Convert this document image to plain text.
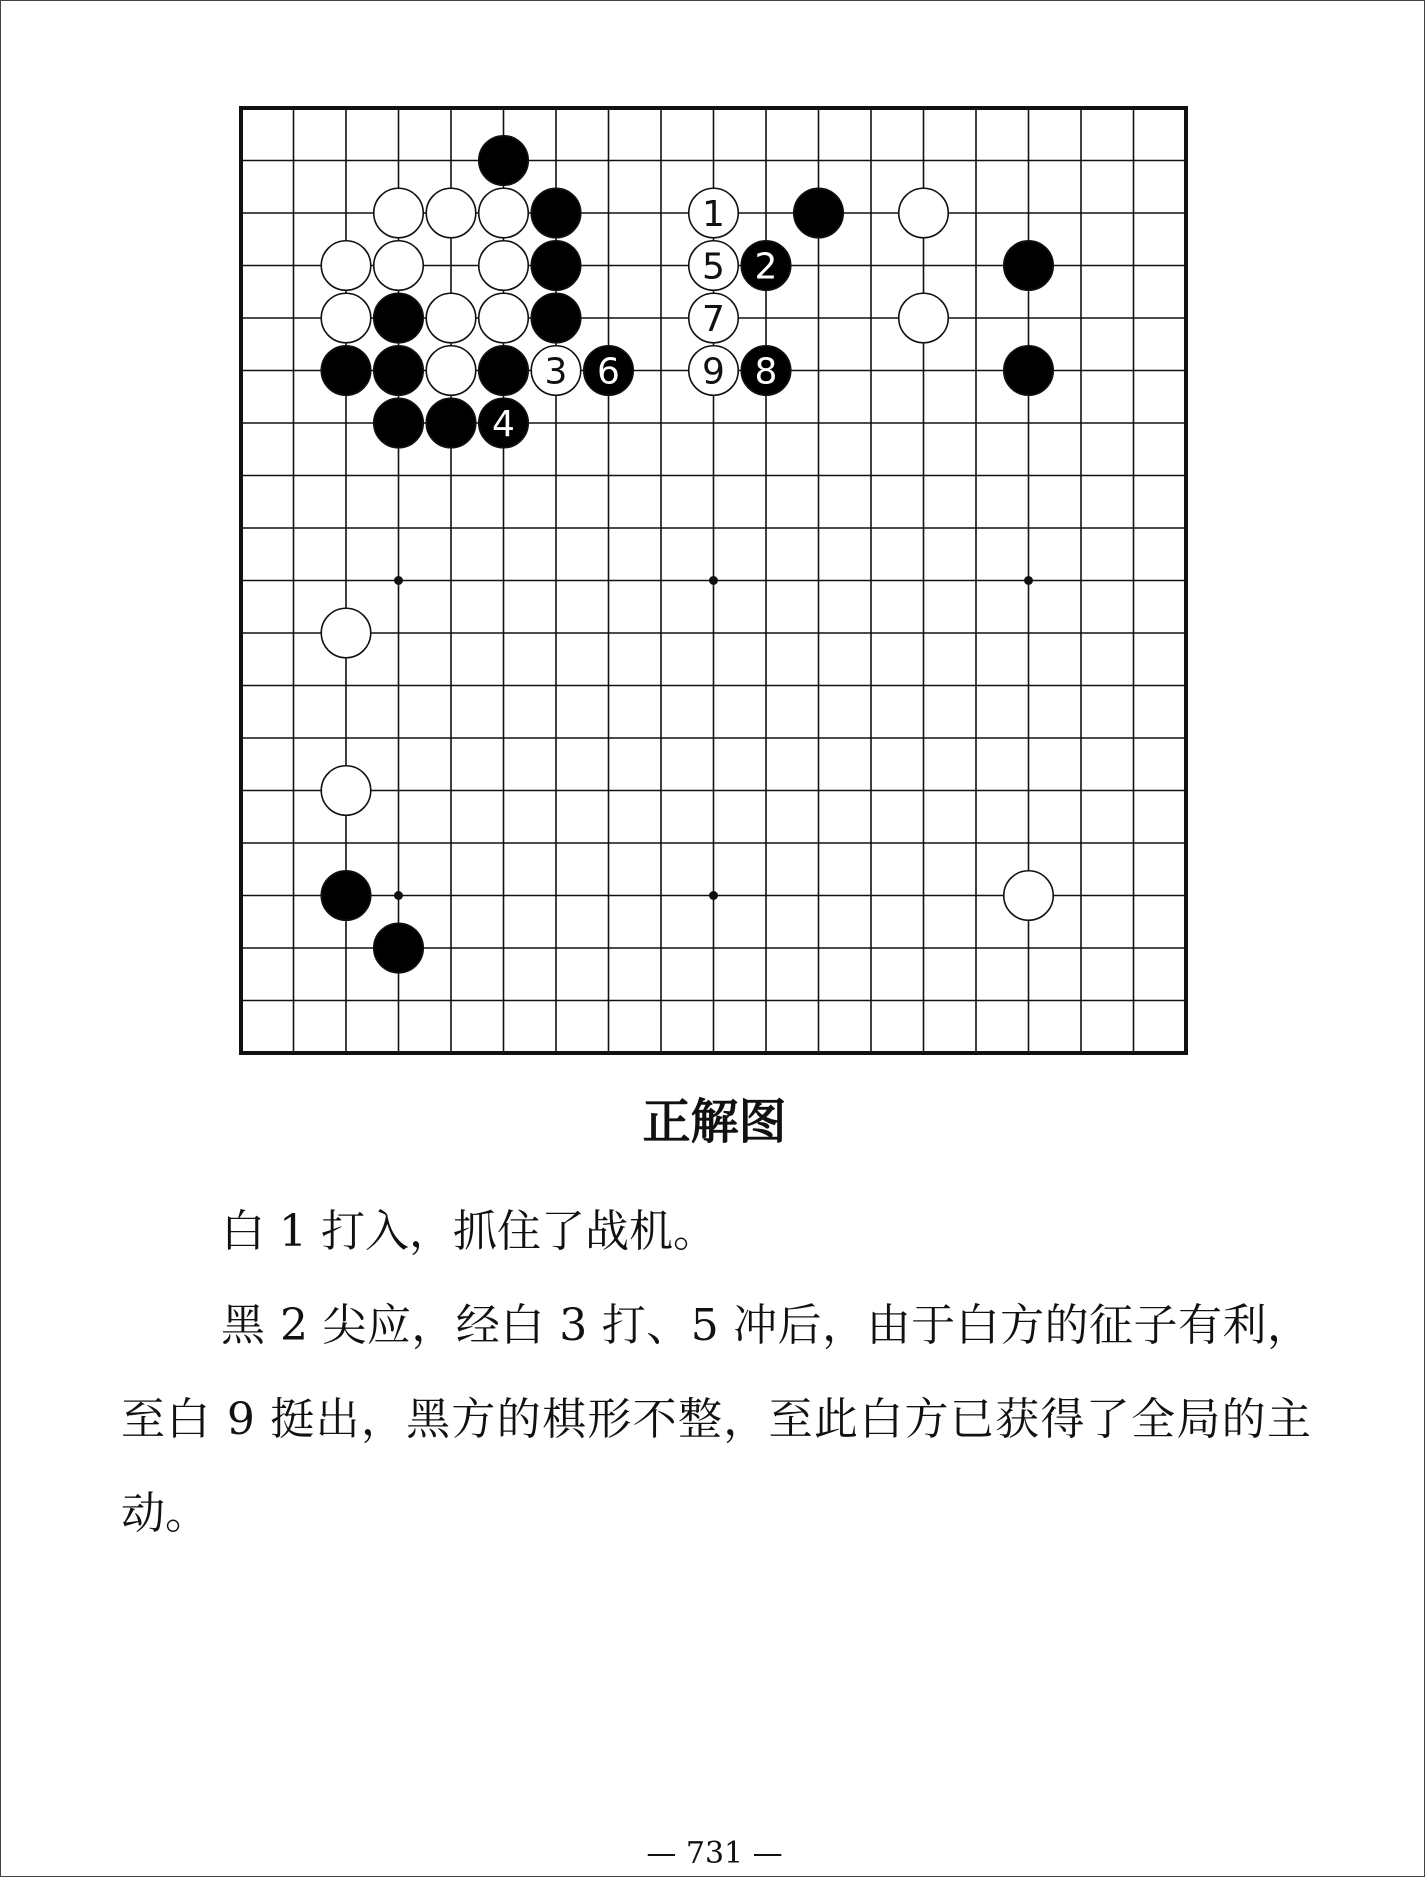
1
5 2
7
3 6 9 8
4
正解图

白 1 打入，抓住了战机。

黑 2 尖应，经白 3 打、5 冲后，由于白方的征子有利，至白 9 挺出，黑方的棋形不整，至此白方已获得了全局的主动。

— 731 —
